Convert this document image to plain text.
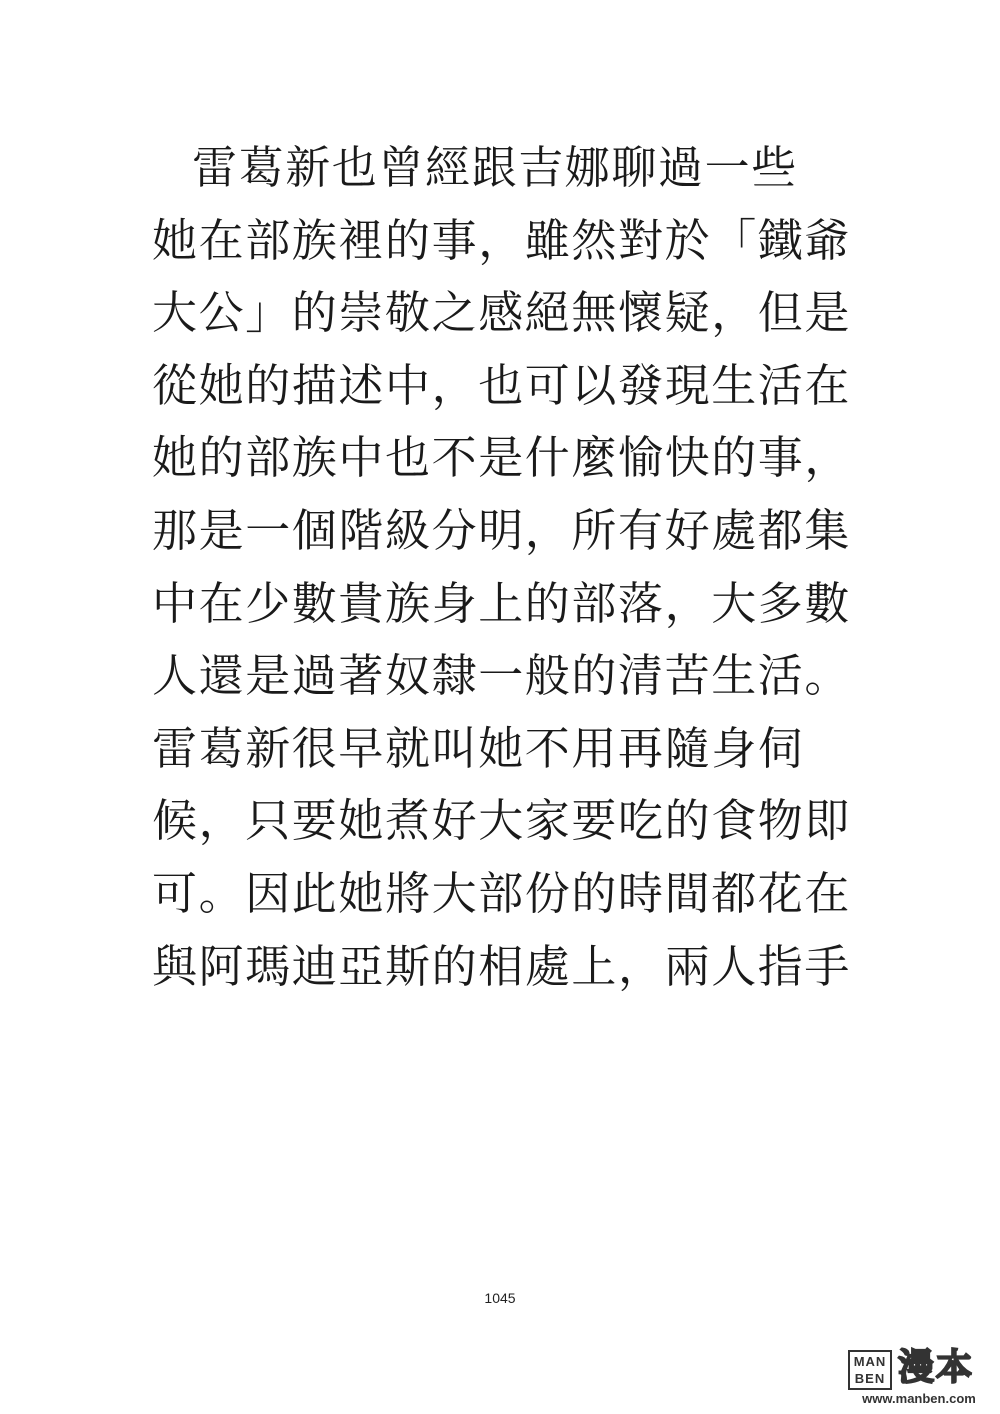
雷葛新也曾經跟吉娜聊過一些
她在部族裡的事，雖然對於「鐵爺
大公」的崇敬之感絕無懷疑，但是
從她的描述中，也可以發現生活在
她的部族中也不是什麼愉快的事，
那是一個階級分明，所有好處都集
中在少數貴族身上的部落，大多數
人還是過著奴隸一般的清苦生活。
雷葛新很早就叫她不用再隨身伺
候，只要她煮好大家要吃的食物即
可。因此她將大部份的時間都花在
與阿瑪迪亞斯的相處上，兩人指手
1045
MAN
BEN 漫本
www.manben.com
